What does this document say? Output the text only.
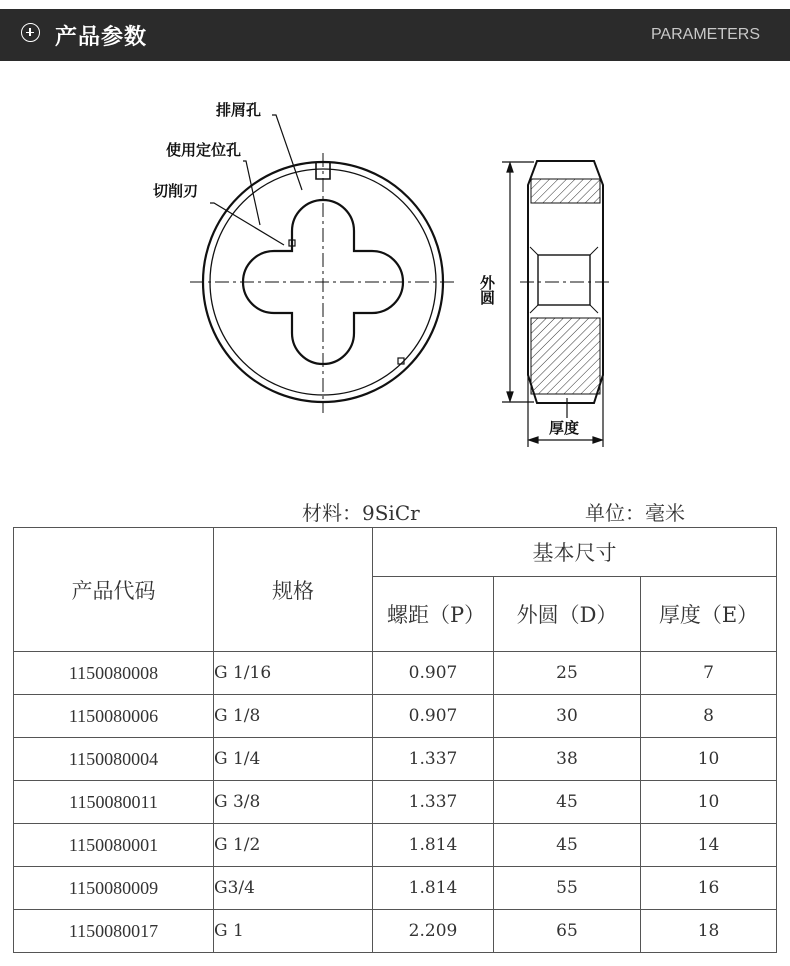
产品参数	PARAMETERS
排屑孔
使用定位孔
切削刃
外圆
厚度
材料：9SiCr	单位：毫米
产品代码	规格	基本尺寸		
		螺距（P）	外圆（D）	厚度（E）
1150080008	G 1/16	0.907	25	7
1150080006	G 1/8	0.907	30	8
1150080004	G 1/4	1.337	38	10
1150080011	G 3/8	1.337	45	10
1150080001	G 1/2	1.814	45	14
1150080009	G3/4	1.814	55	16
1150080017	G 1	2.209	65	18
